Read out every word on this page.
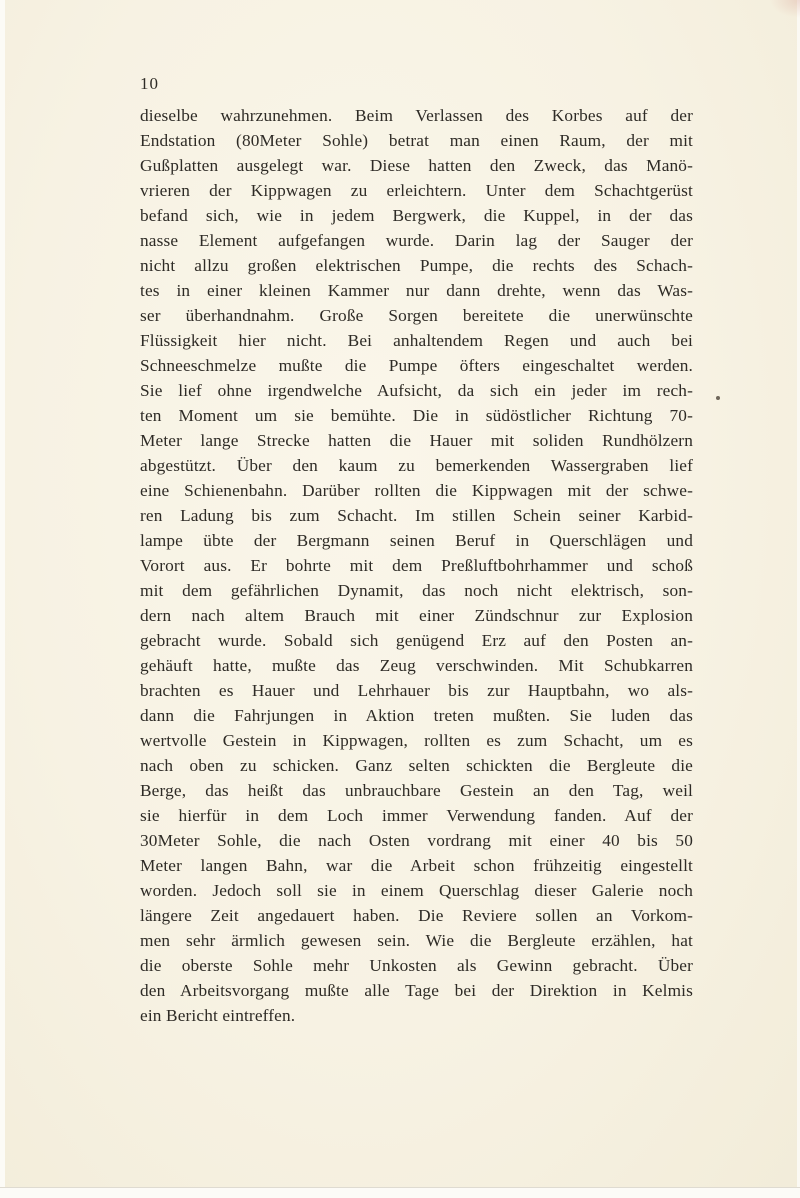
10
dieselbe wahrzunehmen. Beim Verlassen des Korbes auf der
Endstation (80Meter Sohle) betrat man einen Raum, der mit
Gußplatten ausgelegt war. Diese hatten den Zweck, das Manö-
vrieren der Kippwagen zu erleichtern. Unter dem Schachtgerüst
befand sich, wie in jedem Bergwerk, die Kuppel, in der das
nasse Element aufgefangen wurde. Darin lag der Sauger der
nicht allzu großen elektrischen Pumpe, die rechts des Schach-
tes in einer kleinen Kammer nur dann drehte, wenn das Was-
ser überhandnahm. Große Sorgen bereitete die unerwünschte
Flüssigkeit hier nicht. Bei anhaltendem Regen und auch bei
Schneeschmelze mußte die Pumpe öfters eingeschaltet werden.
Sie lief ohne irgendwelche Aufsicht, da sich ein jeder im rech-
ten Moment um sie bemühte. Die in südöstlicher Richtung 70-
Meter lange Strecke hatten die Hauer mit soliden Rundhölzern
abgestützt. Über den kaum zu bemerkenden Wassergraben lief
eine Schienenbahn. Darüber rollten die Kippwagen mit der schwe-
ren Ladung bis zum Schacht. Im stillen Schein seiner Karbid-
lampe übte der Bergmann seinen Beruf in Querschlägen und
Vorort aus. Er bohrte mit dem Preßluftbohrhammer und schoß
mit dem gefährlichen Dynamit, das noch nicht elektrisch, son-
dern nach altem Brauch mit einer Zündschnur zur Explosion
gebracht wurde. Sobald sich genügend Erz auf den Posten an-
gehäuft hatte, mußte das Zeug verschwinden. Mit Schubkarren
brachten es Hauer und Lehrhauer bis zur Hauptbahn, wo als-
dann die Fahrjungen in Aktion treten mußten. Sie luden das
wertvolle Gestein in Kippwagen, rollten es zum Schacht, um es
nach oben zu schicken. Ganz selten schickten die Bergleute die
Berge, das heißt das unbrauchbare Gestein an den Tag, weil
sie hierfür in dem Loch immer Verwendung fanden. Auf der
30Meter Sohle, die nach Osten vordrang mit einer 40 bis 50
Meter langen Bahn, war die Arbeit schon frühzeitig eingestellt
worden. Jedoch soll sie in einem Querschlag dieser Galerie noch
längere Zeit angedauert haben. Die Reviere sollen an Vorkom-
men sehr ärmlich gewesen sein. Wie die Bergleute erzählen, hat
die oberste Sohle mehr Unkosten als Gewinn gebracht. Über
den Arbeitsvorgang mußte alle Tage bei der Direktion in Kelmis
ein Bericht eintreffen.
